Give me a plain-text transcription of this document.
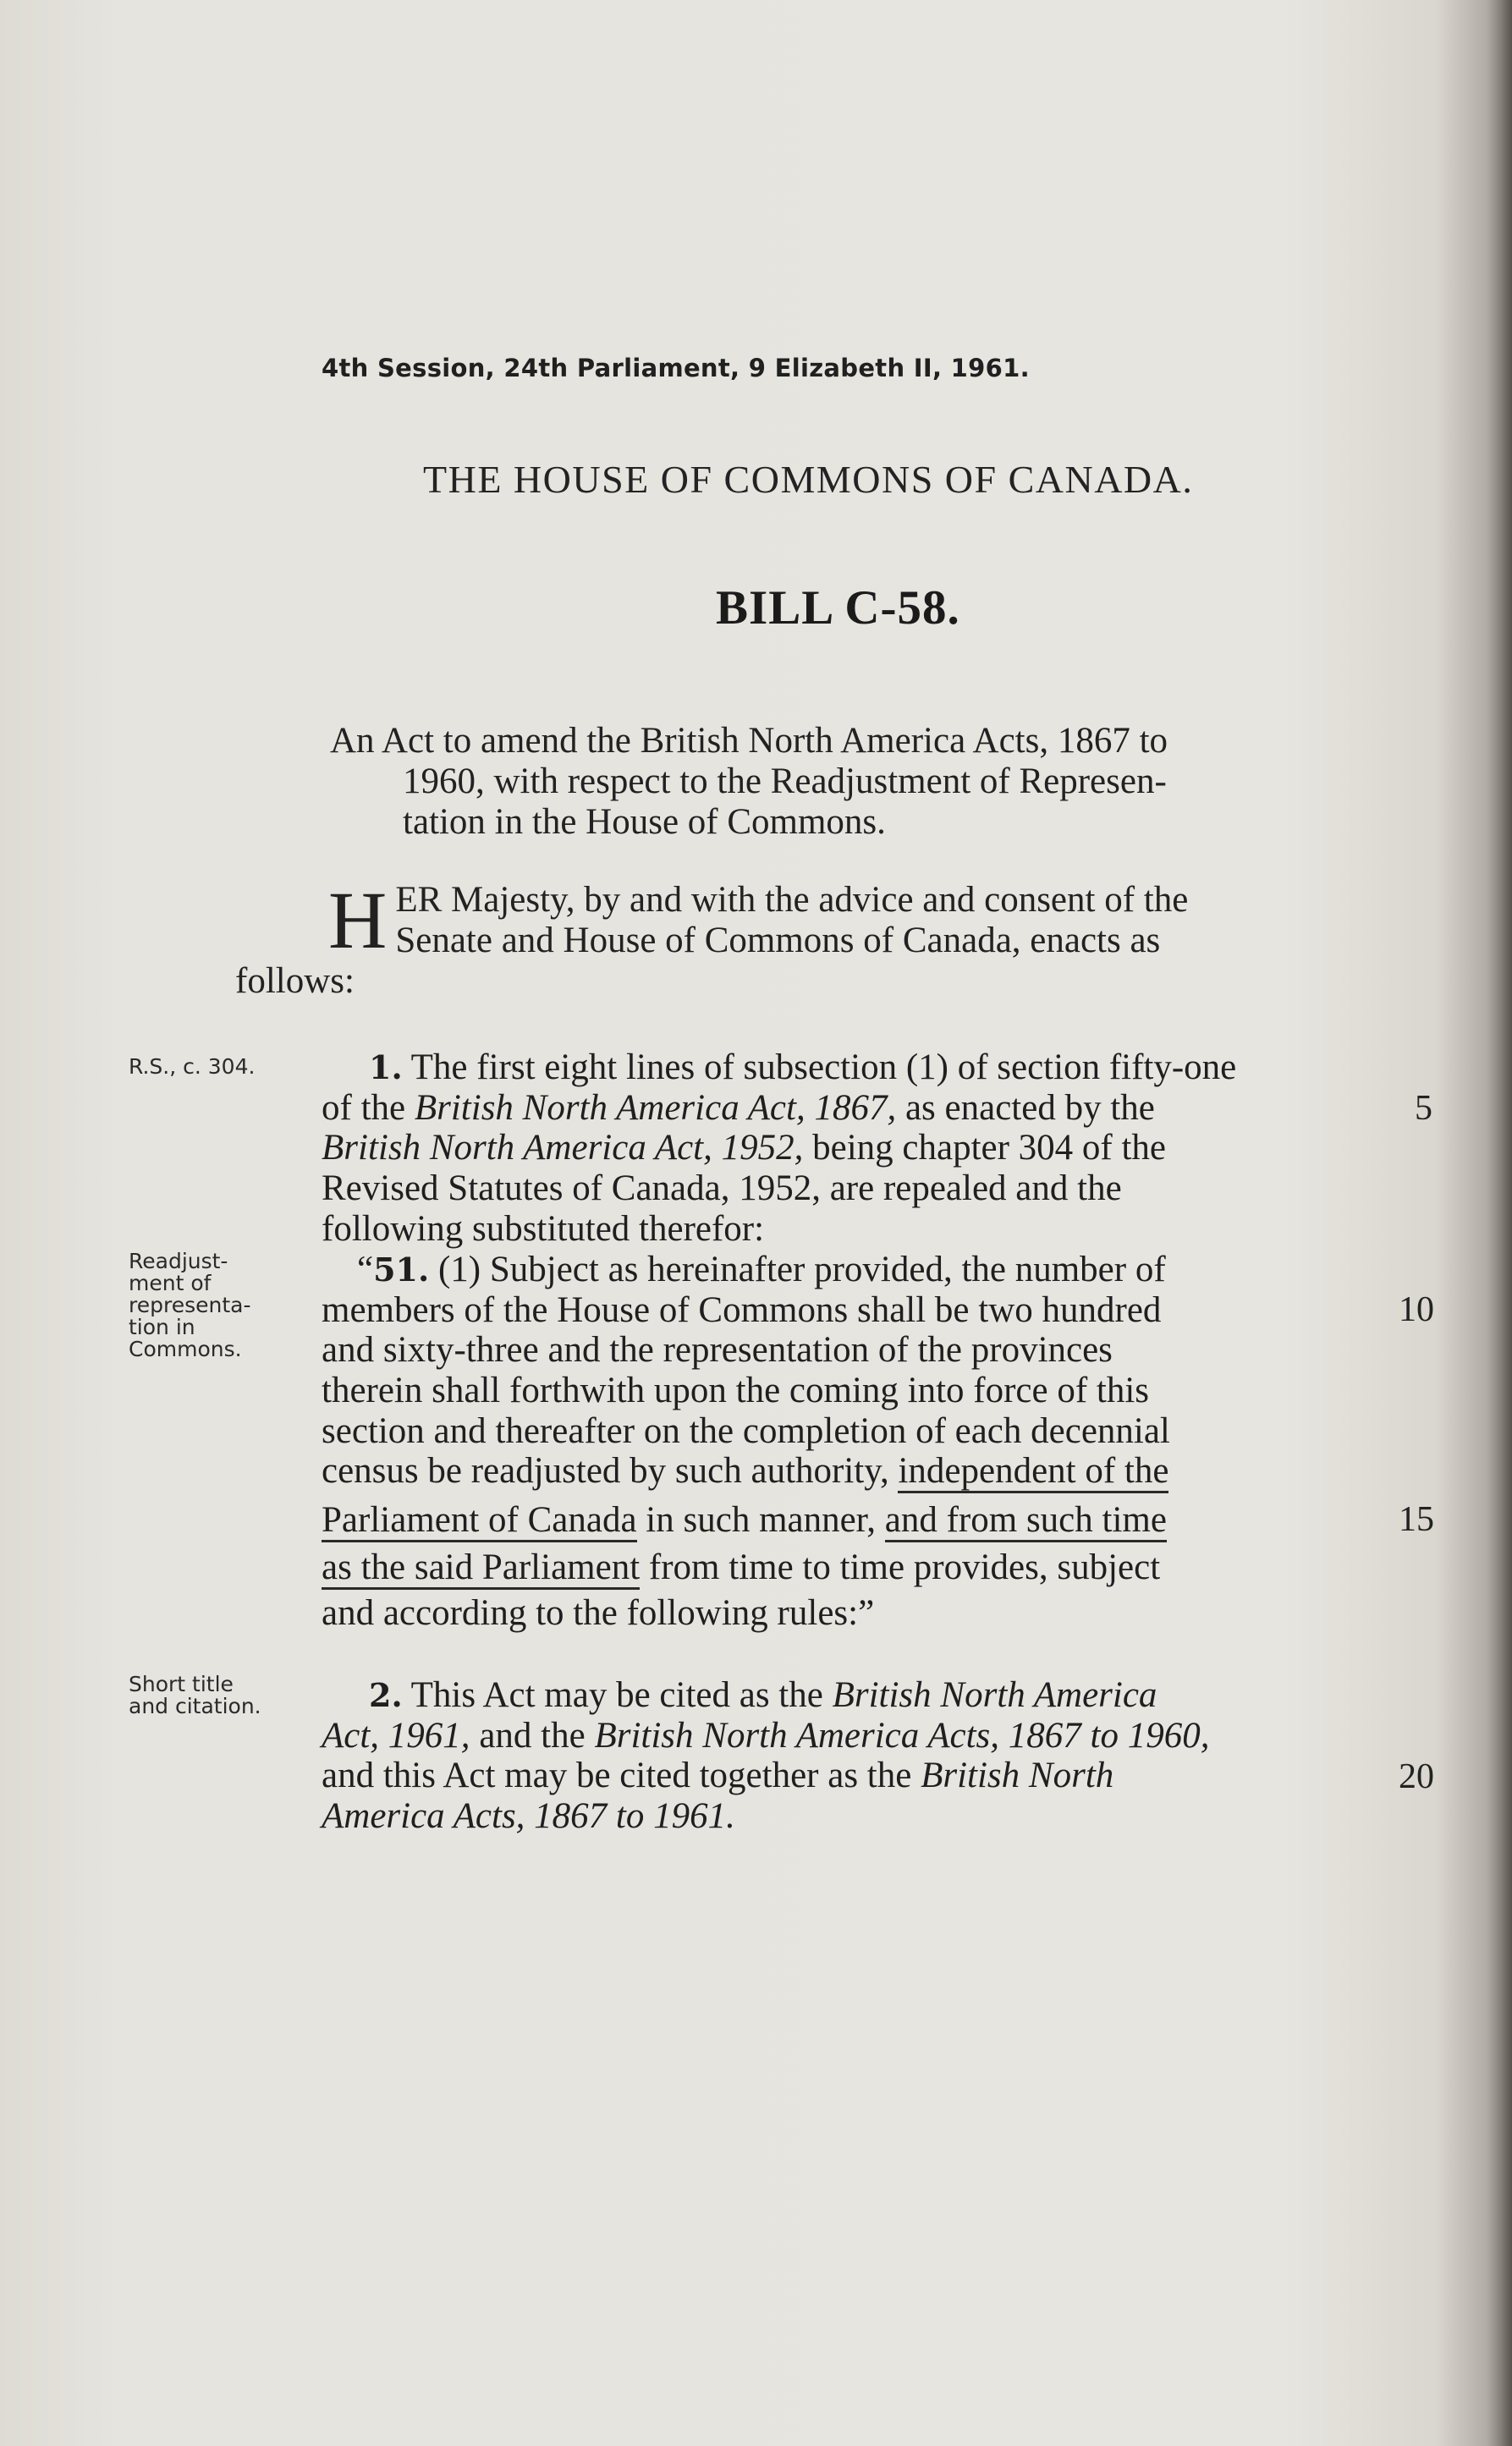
4th Session, 24th Parliament, 9 Elizabeth II, 1961.
THE HOUSE OF COMMONS OF CANADA.
BILL C-58.
An Act to amend the British North America Acts, 1867 to

1960, with respect to the Readjustment of Represen-
tation in the House of Commons.
H ER Majesty, by and with the advice and consent of the
Senate and House of Commons of Canada, enacts as
follows:
R.S., c. 304.
Readjust-
ment of
representa-
tion in
Commons.
Short title
and citation.
1. The first eight lines of subsection (1) of section fifty-one
of the British North America Act, 1867, as enacted by the
British North America Act, 1952, being chapter 304 of the
Revised Statutes of Canada, 1952, are repealed and the
following substituted therefor:
“51. (1) Subject as hereinafter provided, the number of
members of the House of Commons shall be two hundred
and sixty-three and the representation of the provinces
therein shall forthwith upon the coming into force of this
section and thereafter on the completion of each decennial
census be readjusted by such authority, independent of the
Parliament of Canada in such manner, and from such time
as the said Parliament from time to time provides, subject
and according to the following rules:”
2. This Act may be cited as the British North America
Act, 1961, and the British North America Acts, 1867 to 1960,
and this Act may be cited together as the British North
America Acts, 1867 to 1961.
5
10
15
20
